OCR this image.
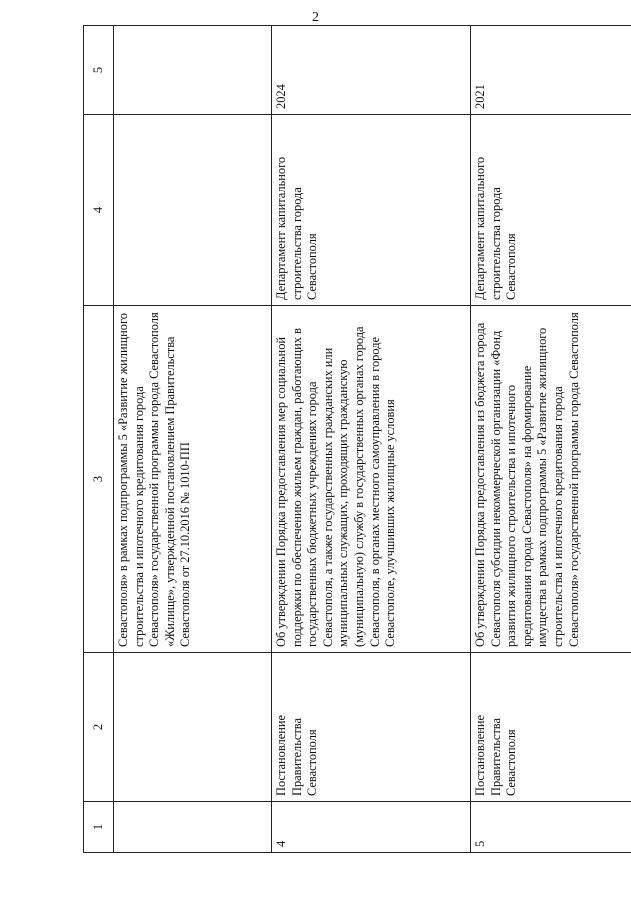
2
1	2	3	4	5
		Севастополя» в рамках подпрограммы 5 «Развитие жилищного строительства и ипотечного кредитования города Севастополя» государственной программы города Севастополя «Жилище», утвержденной постановлением Правительства Севастополя от 27.10.2016 № 1010-ПП		
4	Постановление Правительства Севастополя	Об утверждении Порядка предоставления мер социальной поддержки по обеспечению жильем граждан, работающих в государственных бюджетных учреждениях города Севастополя, а также государственных гражданских или муниципальных служащих, проходящих гражданскую (муниципальную) службу в государственных органах города Севастополя, в органах местного самоуправления в городе Севастополе, улучшивших жилищные условия	Департамент капитального строительства города Севастополя	2024
5	Постановление Правительства Севастополя	Об утверждении Порядка предоставления из бюджета города Севастополя субсидии некоммерческой организации «Фонд развития жилищного строительства и ипотечного кредитования города Севастополя» на формирование имущества в рамках подпрограммы 5 «Развитие жилищного строительства и ипотечного кредитования города Севастополя» государственной программы города Севастополя	Департамент капитального строительства города Севастополя	2021
